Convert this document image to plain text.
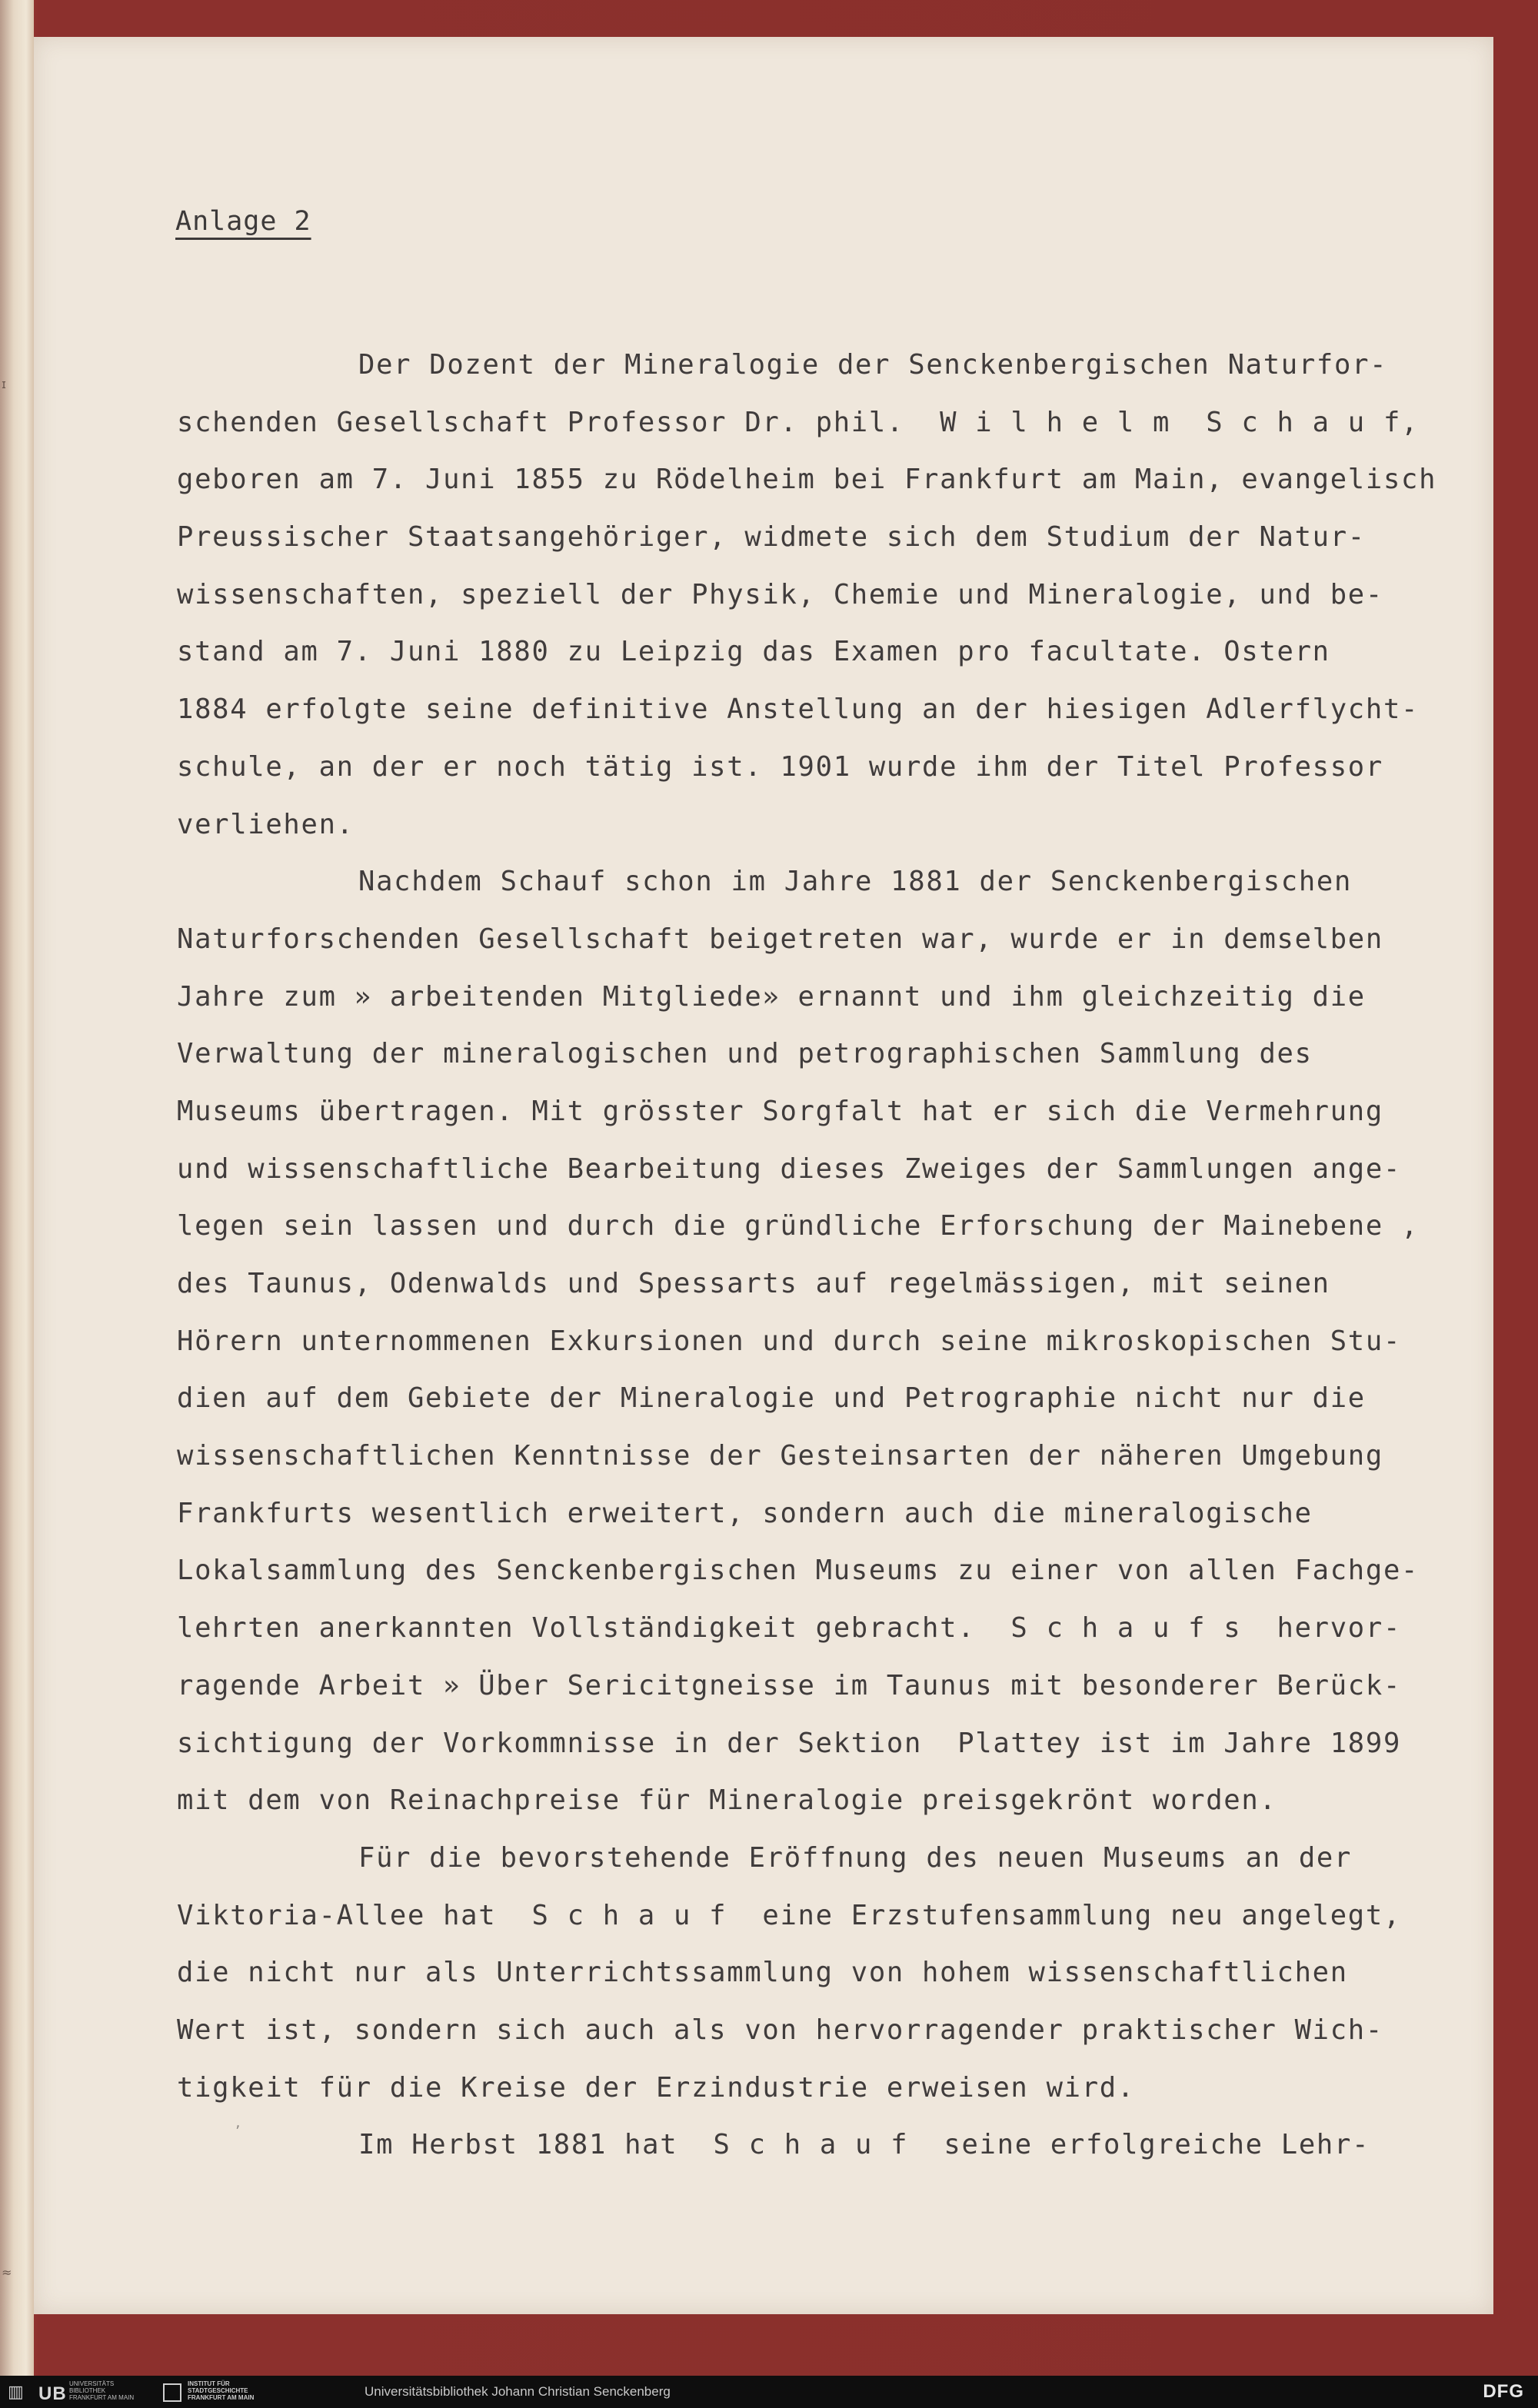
ɪ
≈

Anlage 2

Der Dozent der Mineralogie der Senckenbergischen Naturfor-
schenden Gesellschaft Professor Dr. phil.  W i l h e l m  S c h a u f,
geboren am 7. Juni 1855 zu Rödelheim bei Frankfurt am Main, evangelisch
Preussischer Staatsangehöriger, widmete sich dem Studium der Natur-
wissenschaften, speziell der Physik, Chemie und Mineralogie, und be-
stand am 7. Juni 1880 zu Leipzig das Examen pro facultate. Ostern
1884 erfolgte seine definitive Anstellung an der hiesigen Adlerflycht-
schule, an der er noch tätig ist. 1901 wurde ihm der Titel Professor
verliehen.
Nachdem Schauf schon im Jahre 1881 der Senckenbergischen
Naturforschenden Gesellschaft beigetreten war, wurde er in demselben
Jahre zum » arbeitenden Mitgliede» ernannt und ihm gleichzeitig die
Verwaltung der mineralogischen und petrographischen Sammlung des
Museums übertragen. Mit grösster Sorgfalt hat er sich die Vermehrung
und wissenschaftliche Bearbeitung dieses Zweiges der Sammlungen ange-
legen sein lassen und durch die gründliche Erforschung der Mainebene ,
des Taunus, Odenwalds und Spessarts auf regelmässigen, mit seinen
Hörern unternommenen Exkursionen und durch seine mikroskopischen Stu-
dien auf dem Gebiete der Mineralogie und Petrographie nicht nur die
wissenschaftlichen Kenntnisse der Gesteinsarten der näheren Umgebung
Frankfurts wesentlich erweitert, sondern auch die mineralogische
Lokalsammlung des Senckenbergischen Museums zu einer von allen Fachge-
lehrten anerkannten Vollständigkeit gebracht.  S c h a u f s  hervor-
ragende Arbeit » Über Sericitgneisse im Taunus mit besonderer Berück-
sichtigung der Vorkommnisse in der Sektion  Plattey ist im Jahre 1899
mit dem von Reinachpreise für Mineralogie preisgekrönt worden.
Für die bevorstehende Eröffnung des neuen Museums an der
Viktoria-Allee hat  S c h a u f  eine Erzstufensammlung neu angelegt,
die nicht nur als Unterrichtssammlung von hohem wissenschaftlichen
Wert ist, sondern sich auch als von hervorragender praktischer Wich-
tigkeit für die Kreise der Erzindustrie erweisen wird.
Im Herbst 1881 hat  S c h a u f  seine erfolgreiche Lehr-
ʼ
▥ UB UNIVERSITÄTS
BIBLIOTHEK
FRANKFURT AM MAIN
INSTITUT FÜR
STADTGESCHICHTE
FRANKFURT AM MAIN	Universitätsbibliothek Johann Christian Senckenberg	DFG
